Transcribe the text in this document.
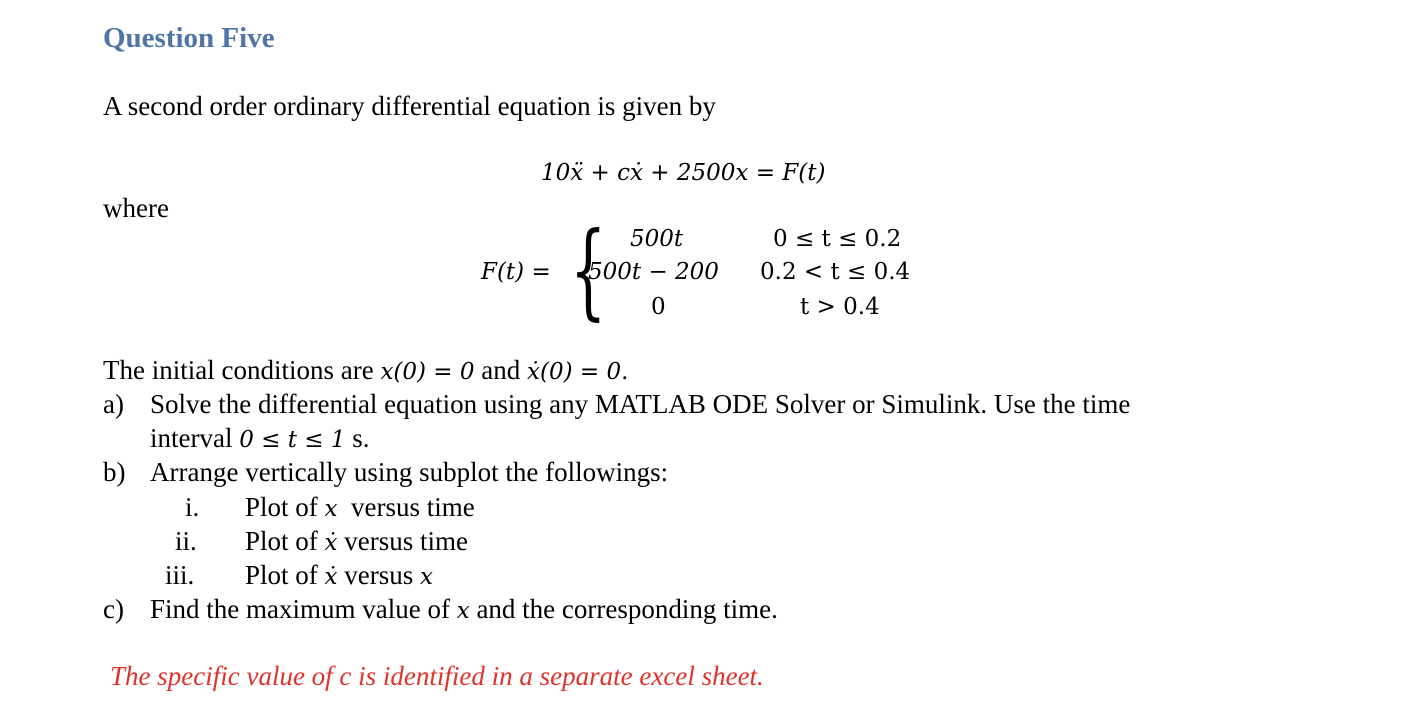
Question Five
A second order ordinary differential equation is given by
10ẍ + cẋ + 2500x = F(t)
where
F(t) = { 500t	0 ≤ t ≤ 0.2
500t − 200 0.2 < t ≤ 0.4
0	t > 0.4
The initial conditions are x(0) = 0 and ẋ(0) = 0.
a) Solve the differential equation using any MATLAB ODE Solver or Simulink. Use the time
interval 0 ≤ t ≤ 1 s.
b) Arrange vertically using subplot the followings:
i. Plot of x  versus time
ii. Plot of ẋ versus time
iii. Plot of ẋ versus x
c) Find the maximum value of x and the corresponding time.
The specific value of c is identified in a separate excel sheet.
